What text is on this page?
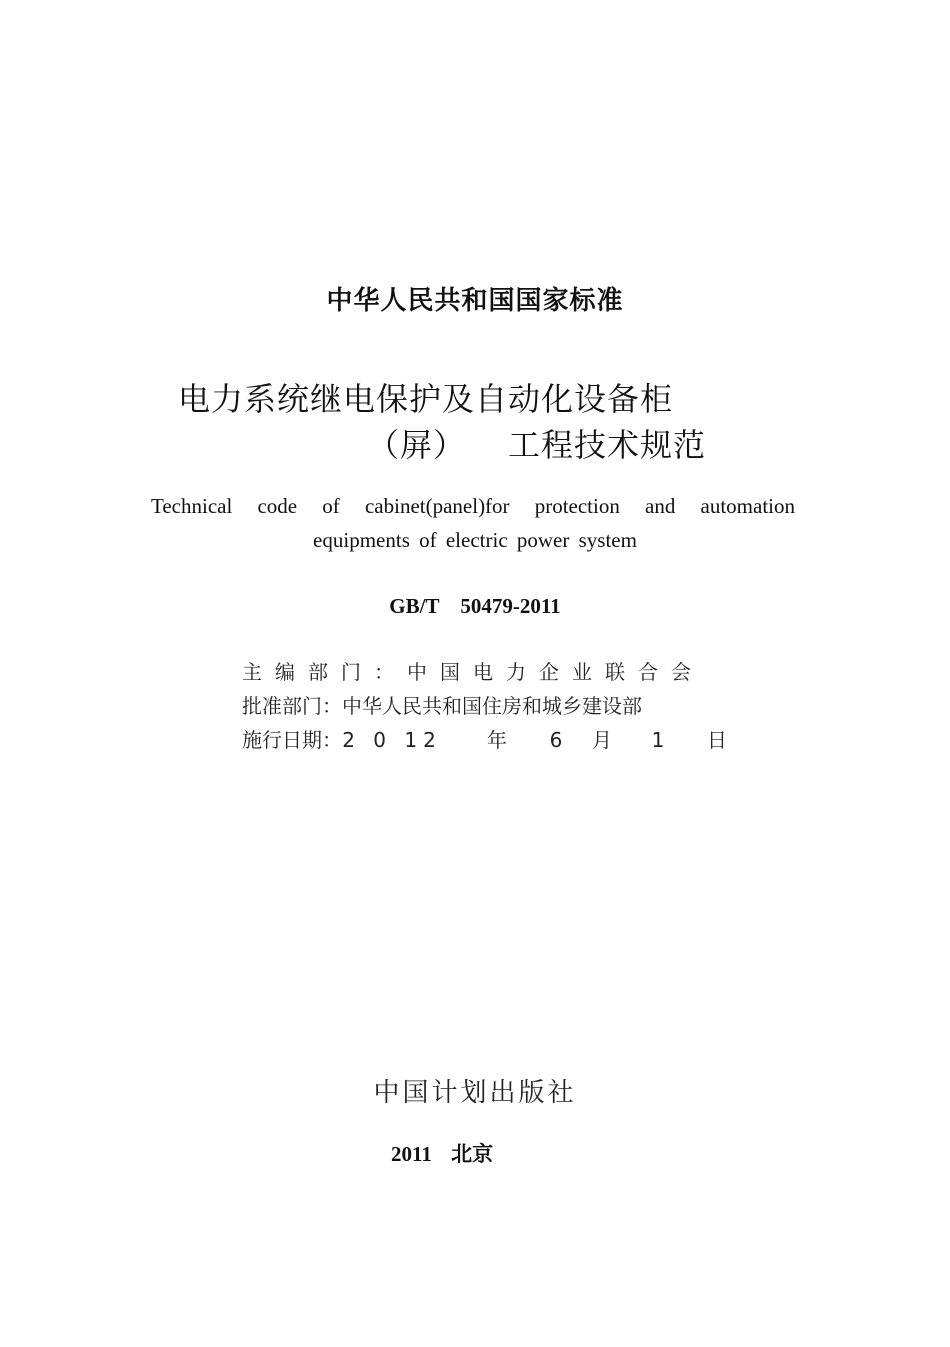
中华人民共和国国家标准
电力系统继电保护及自动化设备柜
（屏） 工程技术规范
Technical code of cabinet(panel)for protection and automation
equipments of electric power system
GB/T 50479-2011
主编部门：中国电力企业联合会
批准部门：中华人民共和国住房和城乡建设部
施行日期：2 0 12 年 6 月 1 日
中国计划出版社
2011 北京
